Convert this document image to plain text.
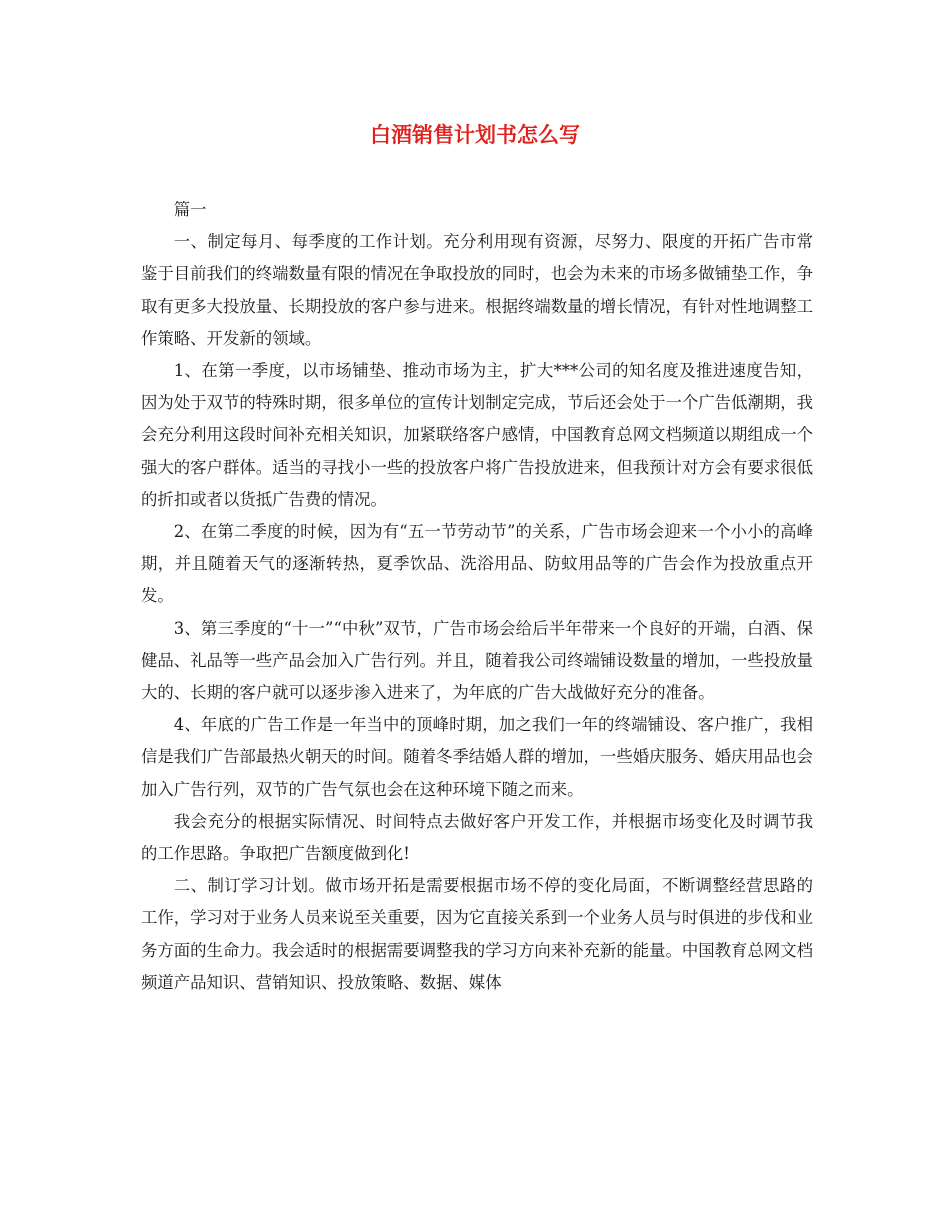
白酒销售计划书怎么写

篇一

一、制定每月、每季度的工作计划。充分利用现有资源，尽努力、限度的开拓广告市常鉴于目前我们的终端数量有限的情况在争取投放的同时，也会为未来的市场多做铺垫工作，争取有更多大投放量、长期投放的客户参与进来。根据终端数量的增长情况，有针对性地调整工作策略、开发新的领域。

1、在第一季度，以市场铺垫、推动市场为主，扩大***公司的知名度及推进速度告知，因为处于双节的特殊时期，很多单位的宣传计划制定完成，节后还会处于一个广告低潮期，我会充分利用这段时间补充相关知识，加紧联络客户感情，中国教育总网文档频道以期组成一个强大的客户群体。适当的寻找小一些的投放客户将广告投放进来，但我预计对方会有要求很低的折扣或者以货抵广告费的情况。

2、在第二季度的时候，因为有“五一节劳动节”的关系，广告市场会迎来一个小小的高峰期，并且随着天气的逐渐转热，夏季饮品、洗浴用品、防蚊用品等的广告会作为投放重点开发。

3、第三季度的“十一”“中秋”双节，广告市场会给后半年带来一个良好的开端，白酒、保健品、礼品等一些产品会加入广告行列。并且，随着我公司终端铺设数量的增加，一些投放量大的、长期的客户就可以逐步渗入进来了，为年底的广告大战做好充分的准备。

4、年底的广告工作是一年当中的顶峰时期，加之我们一年的终端铺设、客户推广，我相信是我们广告部最热火朝天的时间。随着冬季结婚人群的增加，一些婚庆服务、婚庆用品也会加入广告行列，双节的广告气氛也会在这种环境下随之而来。

我会充分的根据实际情况、时间特点去做好客户开发工作，并根据市场变化及时调节我的工作思路。争取把广告额度做到化!

二、制订学习计划。做市场开拓是需要根据市场不停的变化局面，不断调整经营思路的工作，学习对于业务人员来说至关重要，因为它直接关系到一个业务人员与时俱进的步伐和业务方面的生命力。我会适时的根据需要调整我的学习方向来补充新的能量。中国教育总网文档频道产品知识、营销知识、投放策略、数据、媒体
